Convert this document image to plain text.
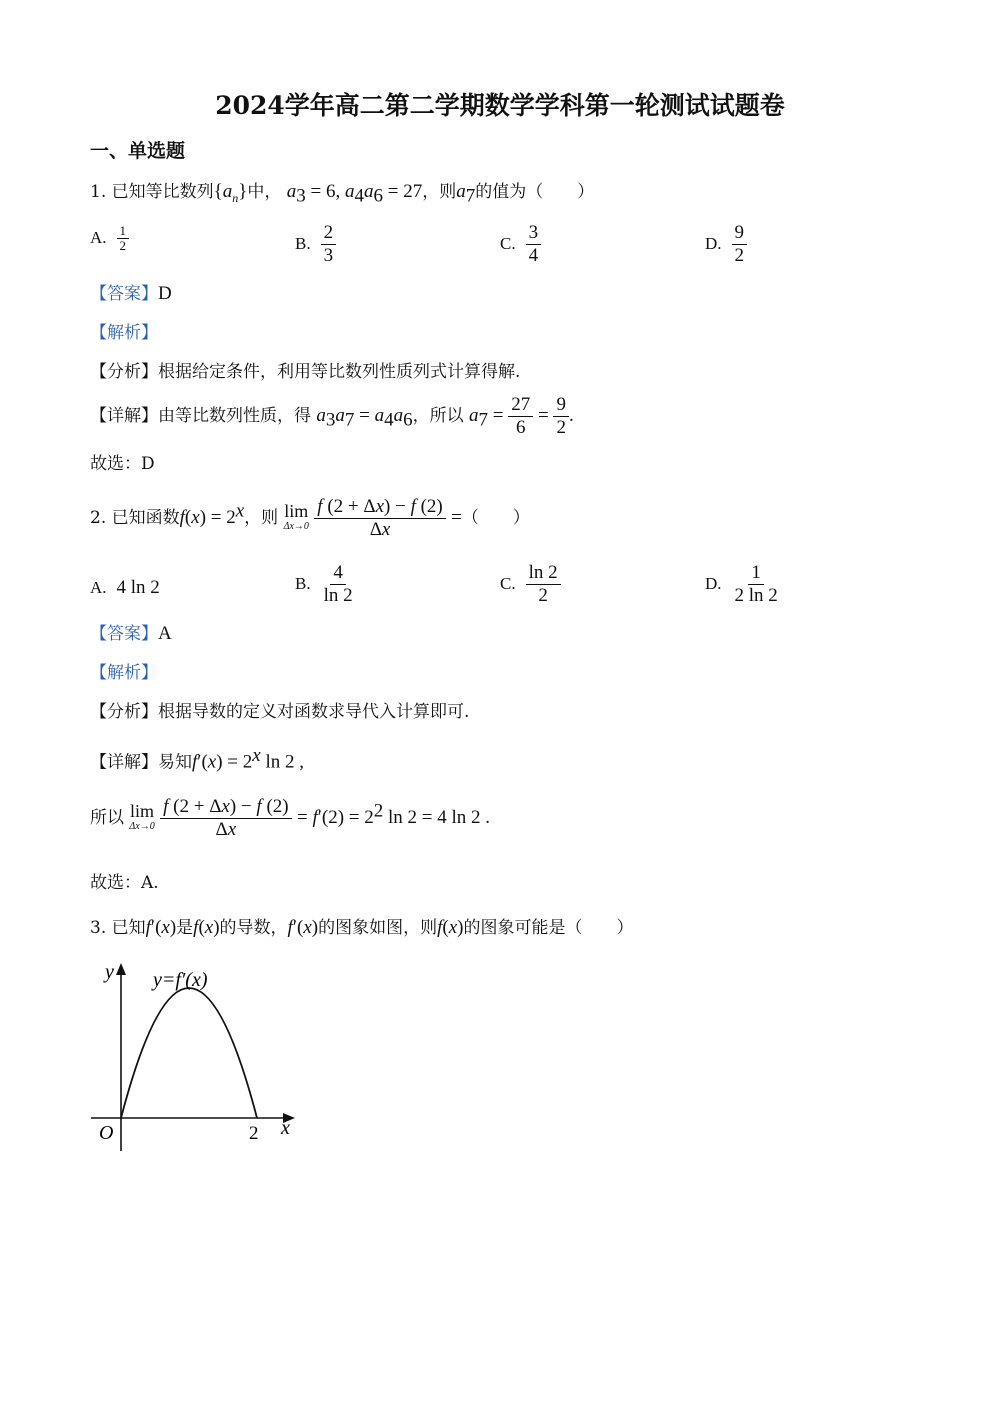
2024学年高二第二学期数学学科第一轮测试试题卷
一、单选题
1. 已知等比数列$\{a_n\}$中， $a_3 = 6$, $a_4a_6 = 27$，则$a_7$的值为（　　）
A. $\frac{1}{2}$	B. $\frac{2}{3}$	C. $\frac{3}{4}$	D. $\frac{9}{2}$
【答案】D
【解析】
【分析】根据给定条件，利用等比数列性质列式计算得解.
【详解】由等比数列性质，得 $a_3a_7 = a_4a_6$，所以 $a_7 = \frac{27}{6} = \frac{9}{2}$ .
故选：D
2. 已知函数$f(x) = 2^x$，则 lim
Δx→0
$\frac{f (2 + \Delta x) - f (2)}{\Delta x}$ =（　　）
A. 4 ln 2	B. $\frac{4}{\ln 2}$	C. $\frac{\ln 2}{2}$	D. $\frac{1}{2 \ln 2}$
【答案】A
【解析】
【分析】根据导数的定义对函数求导代入计算即可.
【详解】易知$f'(x) = 2^x$ ln 2 ,
所以 lim
Δx→0
$\frac{f (2 + \Delta x) - f (2)}{\Delta x} = f'(2) = 2^2$ ln 2 = 4 ln 2 .
故选：A.
3. 已知f′(x)是f(x)的导数，f′(x)的图象如图，则f(x)的图象可能是（　　）
y
x
O	2
y=f′(x)
